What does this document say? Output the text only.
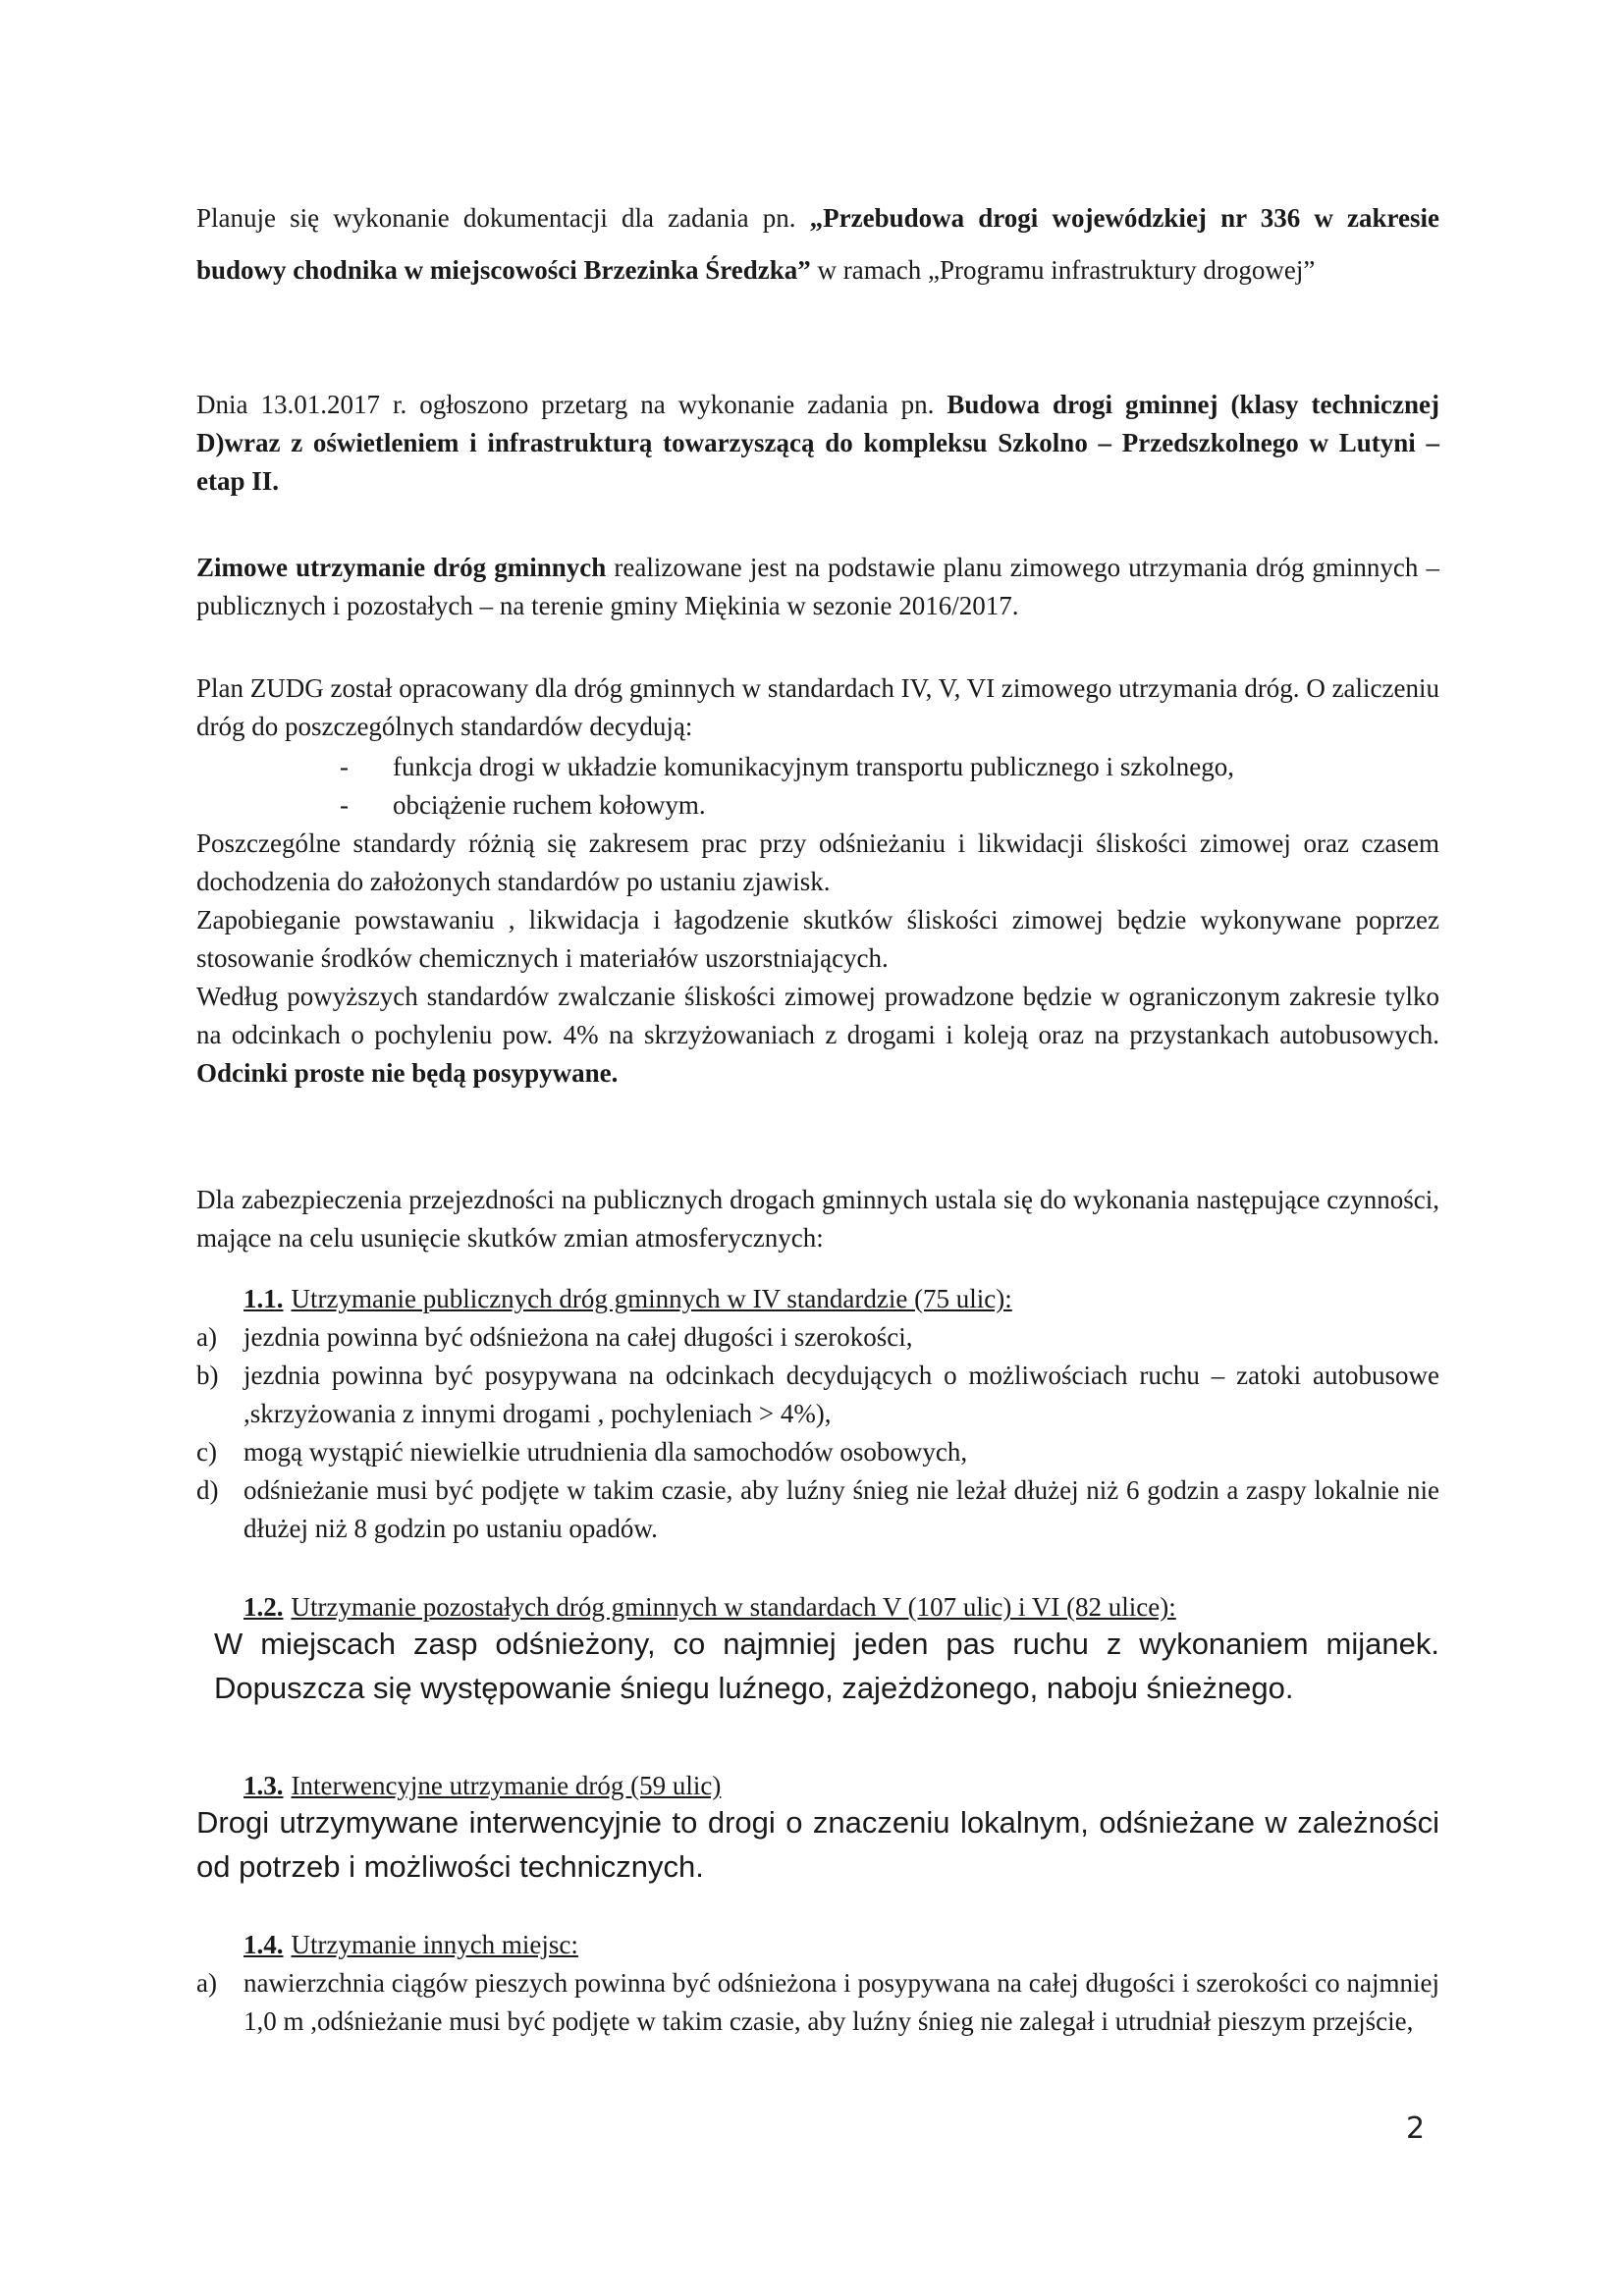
Planuje się wykonanie dokumentacji dla zadania pn. „Przebudowa drogi wojewódzkiej nr 336 w zakresie budowy chodnika w miejscowości Brzezinka Średzka” w ramach „Programu infrastruktury drogowej”

Dnia 13.01.2017 r. ogłoszono przetarg na wykonanie zadania pn. Budowa drogi gminnej (klasy technicznej D)wraz z oświetleniem i infrastrukturą towarzyszącą do kompleksu Szkolno – Przedszkolnego w Lutyni – etap II.

Zimowe utrzymanie dróg gminnych realizowane jest na podstawie planu zimowego utrzymania dróg gminnych – publicznych i pozostałych – na terenie gminy Miękinia w sezonie 2016/2017.

Plan ZUDG został opracowany dla dróg gminnych w standardach IV, V, VI zimowego utrzymania dróg. O zaliczeniu dróg do poszczególnych standardów decydują:

- funkcja drogi w układzie komunikacyjnym transportu publicznego i szkolnego,
- obciążenie ruchem kołowym.

Poszczególne standardy różnią się zakresem prac przy odśnieżaniu i likwidacji śliskości zimowej oraz czasem dochodzenia do założonych standardów po ustaniu zjawisk.
Zapobieganie powstawaniu , likwidacja i łagodzenie skutków śliskości zimowej będzie wykonywane poprzez stosowanie środków chemicznych i materiałów uszorstniających.
Według powyższych standardów zwalczanie śliskości zimowej prowadzone będzie w ograniczonym zakresie tylko na odcinkach o pochyleniu pow. 4% na skrzyżowaniach z drogami i koleją oraz na przystankach autobusowych. Odcinki proste nie będą posypywane.

Dla zabezpieczenia przejezdności na publicznych drogach gminnych ustala się do wykonania następujące czynności, mające na celu usunięcie skutków zmian atmosferycznych:

1.1. Utrzymanie publicznych dróg gminnych w IV standardzie (75 ulic):

a) jezdnia powinna być odśnieżona na całej długości i szerokości,
b) jezdnia powinna być posypywana na odcinkach decydujących o możliwościach ruchu – zatoki autobusowe ,skrzyżowania z innymi drogami , pochyleniach > 4%),
c) mogą wystąpić niewielkie utrudnienia dla samochodów osobowych,
d) odśnieżanie musi być podjęte w takim czasie, aby luźny śnieg nie leżał dłużej niż 6 godzin a zaspy lokalnie nie dłużej niż 8 godzin po ustaniu opadów.

1.2. Utrzymanie pozostałych dróg gminnych w standardach V (107 ulic) i VI (82 ulice):

W miejscach zasp odśnieżony, co najmniej jeden pas ruchu z wykonaniem mijanek. Dopuszcza się występowanie śniegu luźnego, zajeżdżonego, naboju śnieżnego.

1.3. Interwencyjne utrzymanie dróg (59 ulic)

Drogi utrzymywane interwencyjnie to drogi o znaczeniu lokalnym, odśnieżane w zależności od potrzeb i możliwości technicznych.

1.4. Utrzymanie innych miejsc:

a) nawierzchnia ciągów pieszych powinna być odśnieżona i posypywana na całej długości i szerokości co najmniej 1,0 m ,odśnieżanie musi być podjęte w takim czasie, aby luźny śnieg nie zalegał i utrudniał pieszym przejście,
2
